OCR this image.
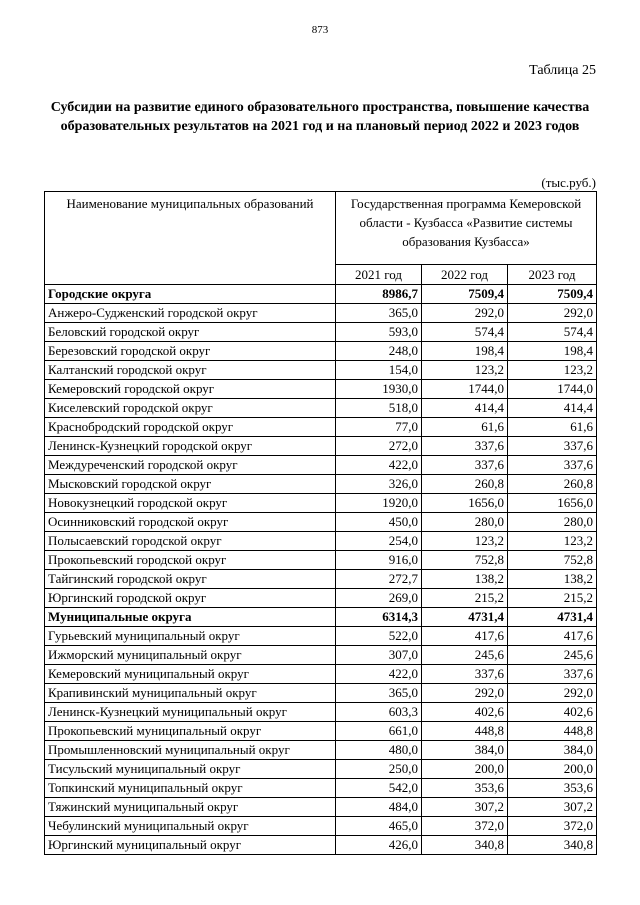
873
Таблица 25
Субсидии на развитие единого образовательного пространства, повышение качества
образовательных результатов на 2021 год и на плановый период 2022 и 2023 годов
(тыс.руб.)
Наименование муниципальных образований	Государственная программа Кемеровской области - Кузбасса «Развитие системы образования Кузбасса»		
	2021 год	2022 год	2023 год
Городские округа	8986,7	7509,4	7509,4
Анжеро-Судженский городской округ	365,0	292,0	292,0
Беловский городской округ	593,0	574,4	574,4
Березовский городской округ	248,0	198,4	198,4
Калтанский городской округ	154,0	123,2	123,2
Кемеровский городской округ	1930,0	1744,0	1744,0
Киселевский городской округ	518,0	414,4	414,4
Краснобродский городской округ	77,0	61,6	61,6
Ленинск-Кузнецкий городской округ	272,0	337,6	337,6
Междуреченский городской округ	422,0	337,6	337,6
Мысковский городской округ	326,0	260,8	260,8
Новокузнецкий городской округ	1920,0	1656,0	1656,0
Осинниковский городской округ	450,0	280,0	280,0
Полысаевский городской округ	254,0	123,2	123,2
Прокопьевский городской округ	916,0	752,8	752,8
Тайгинский городской округ	272,7	138,2	138,2
Юргинский городской округ	269,0	215,2	215,2
Муниципальные округа	6314,3	4731,4	4731,4
Гурьевский муниципальный округ	522,0	417,6	417,6
Ижморский муниципальный округ	307,0	245,6	245,6
Кемеровский муниципальный округ	422,0	337,6	337,6
Крапивинский муниципальный округ	365,0	292,0	292,0
Ленинск-Кузнецкий муниципальный округ	603,3	402,6	402,6
Прокопьевский муниципальный округ	661,0	448,8	448,8
Промышленновский муниципальный округ	480,0	384,0	384,0
Тисульский муниципальный округ	250,0	200,0	200,0
Топкинский муниципальный округ	542,0	353,6	353,6
Тяжинский муниципальный округ	484,0	307,2	307,2
Чебулинский муниципальный округ	465,0	372,0	372,0
Юргинский муниципальный округ	426,0	340,8	340,8
